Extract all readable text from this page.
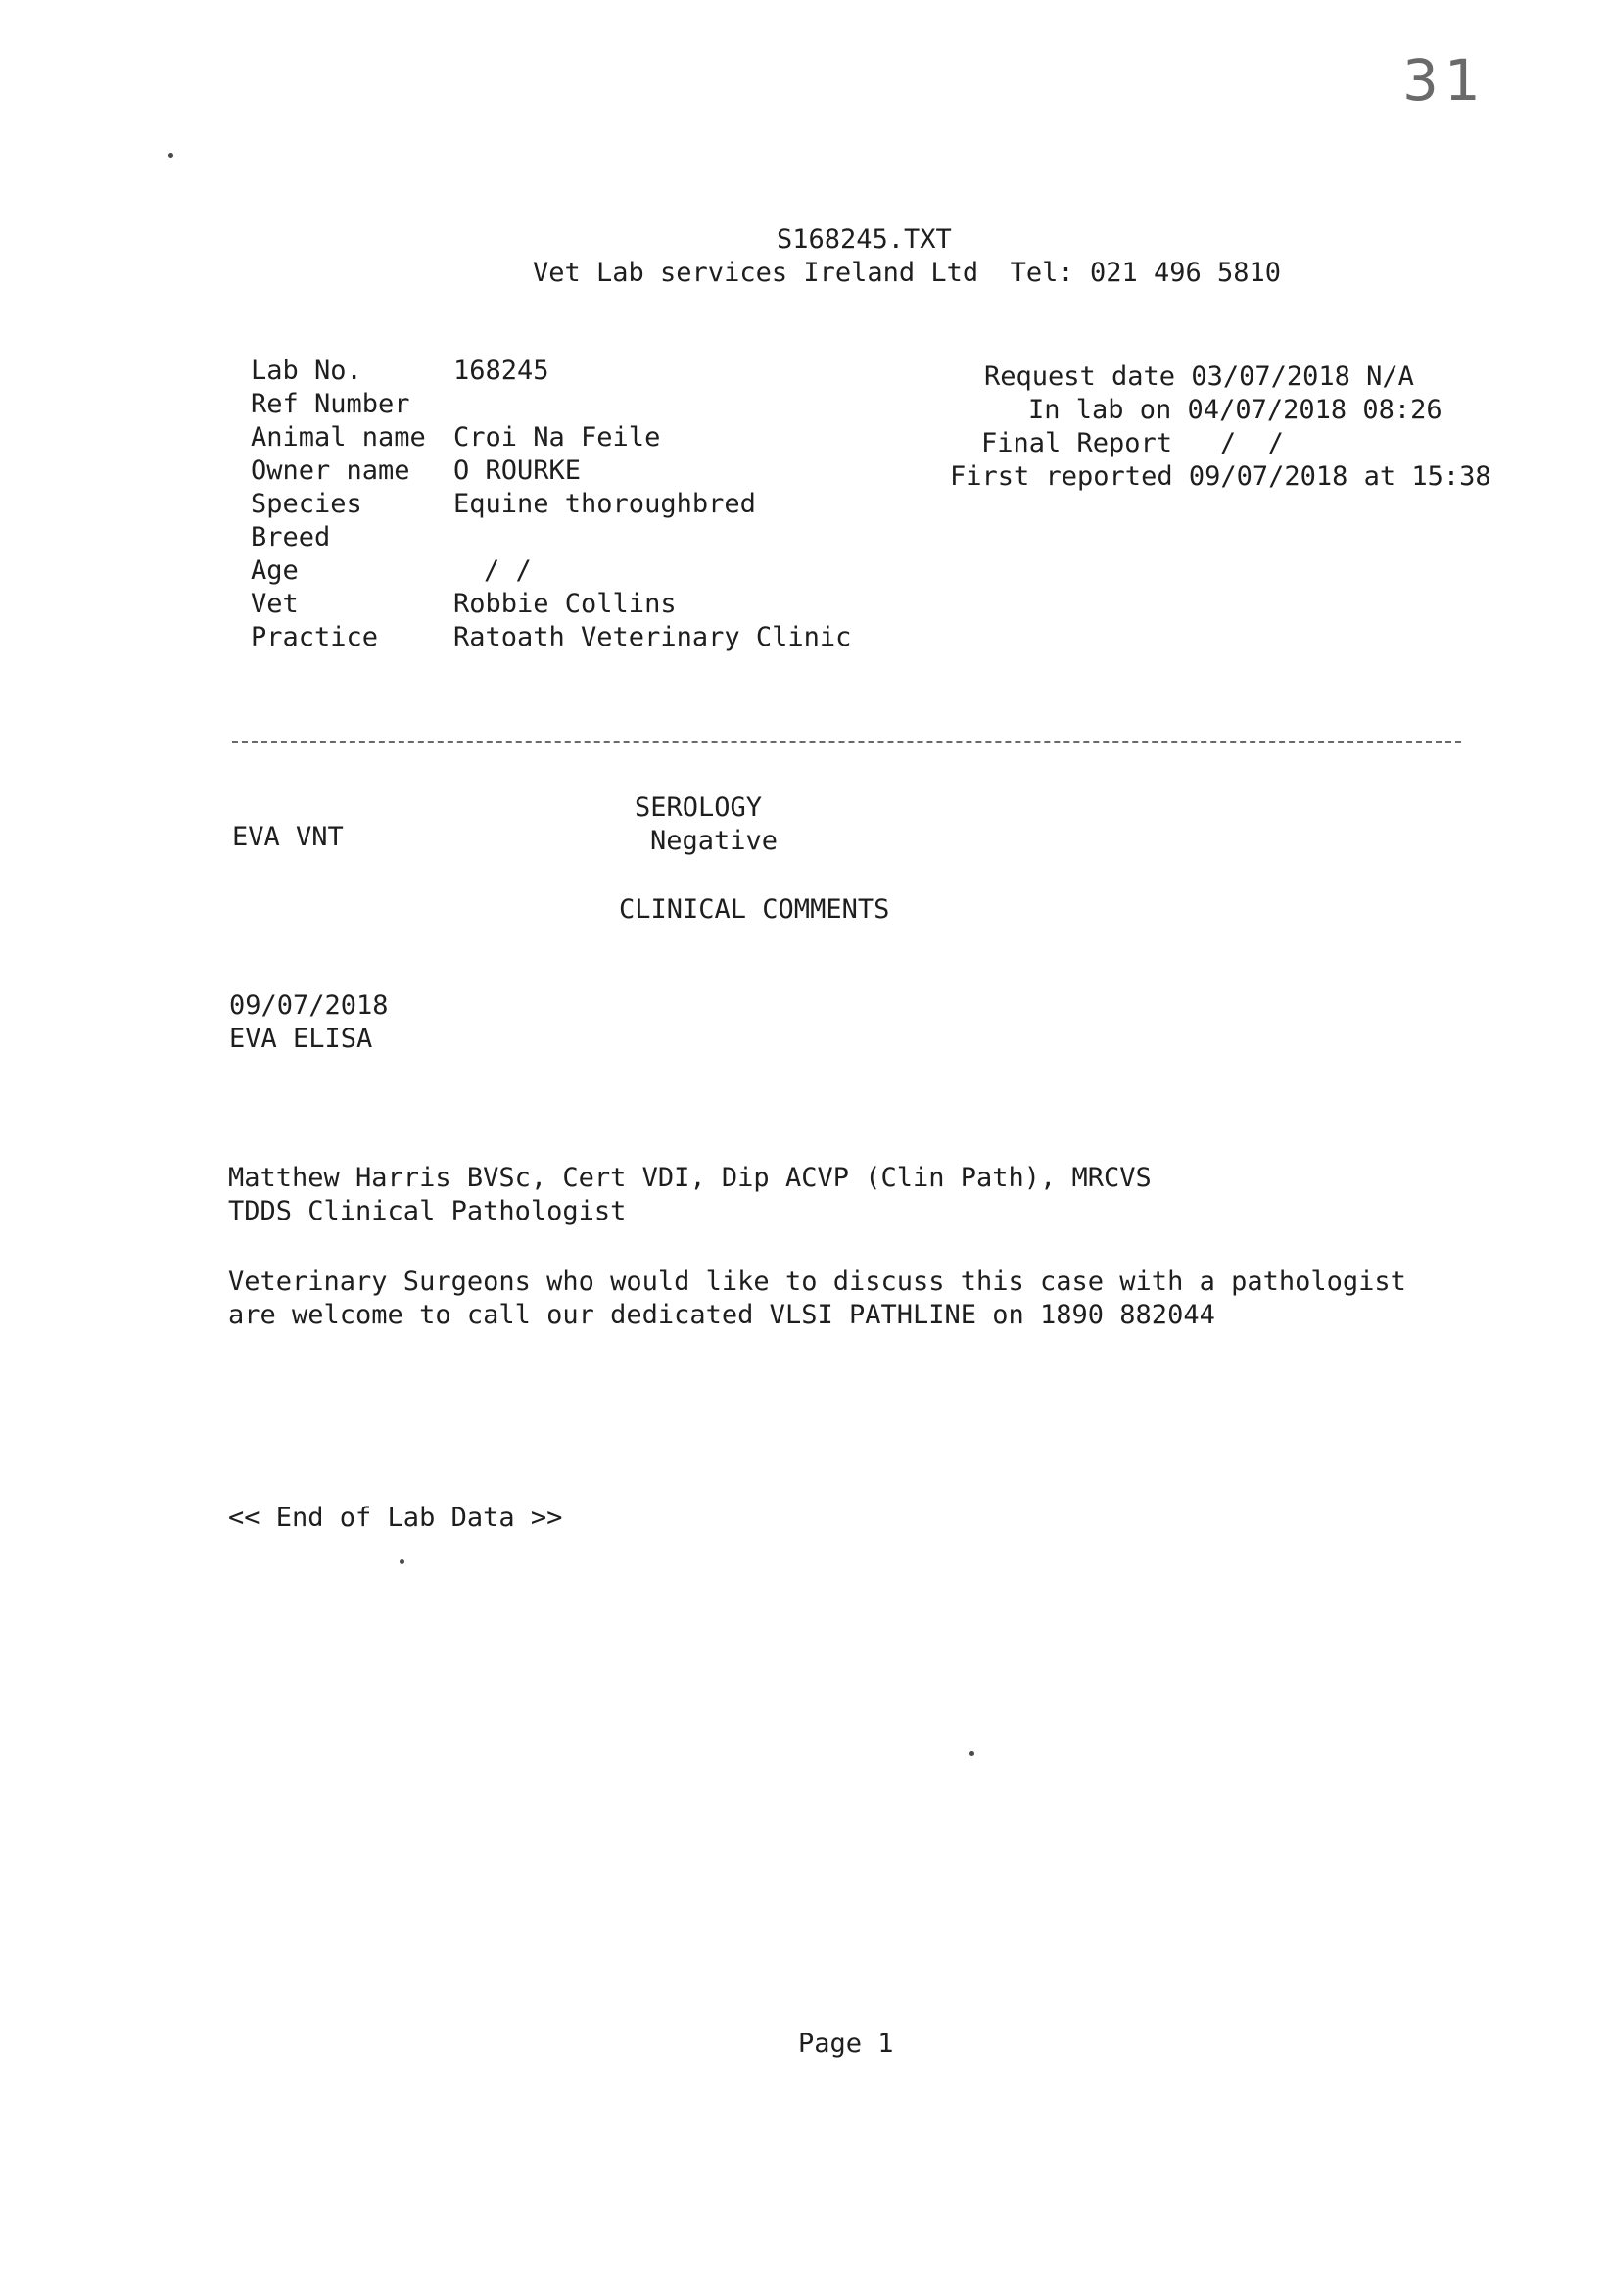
31
S168245.TXT
Vet Lab services Ireland Ltd  Tel: 021 496 5810
Lab No.
Ref Number
Animal name
Owner name
Species
Breed
Age
Vet
Practice
168245
Croi Na Feile
O ROURKE
Equine thoroughbred
/ /
Robbie Collins
Ratoath Veterinary Clinic
Request date 03/07/2018 N/A
In lab on 04/07/2018 08:26
Final Report   /  /
First reported 09/07/2018 at 15:38
SEROLOGY
EVA VNT	Negative
CLINICAL COMMENTS
09/07/2018
EVA ELISA
Matthew Harris BVSc, Cert VDI, Dip ACVP (Clin Path), MRCVS
TDDS Clinical Pathologist
Veterinary Surgeons who would like to discuss this case with a pathologist
are welcome to call our dedicated VLSI PATHLINE on 1890 882044
<< End of Lab Data >>
Page 1
